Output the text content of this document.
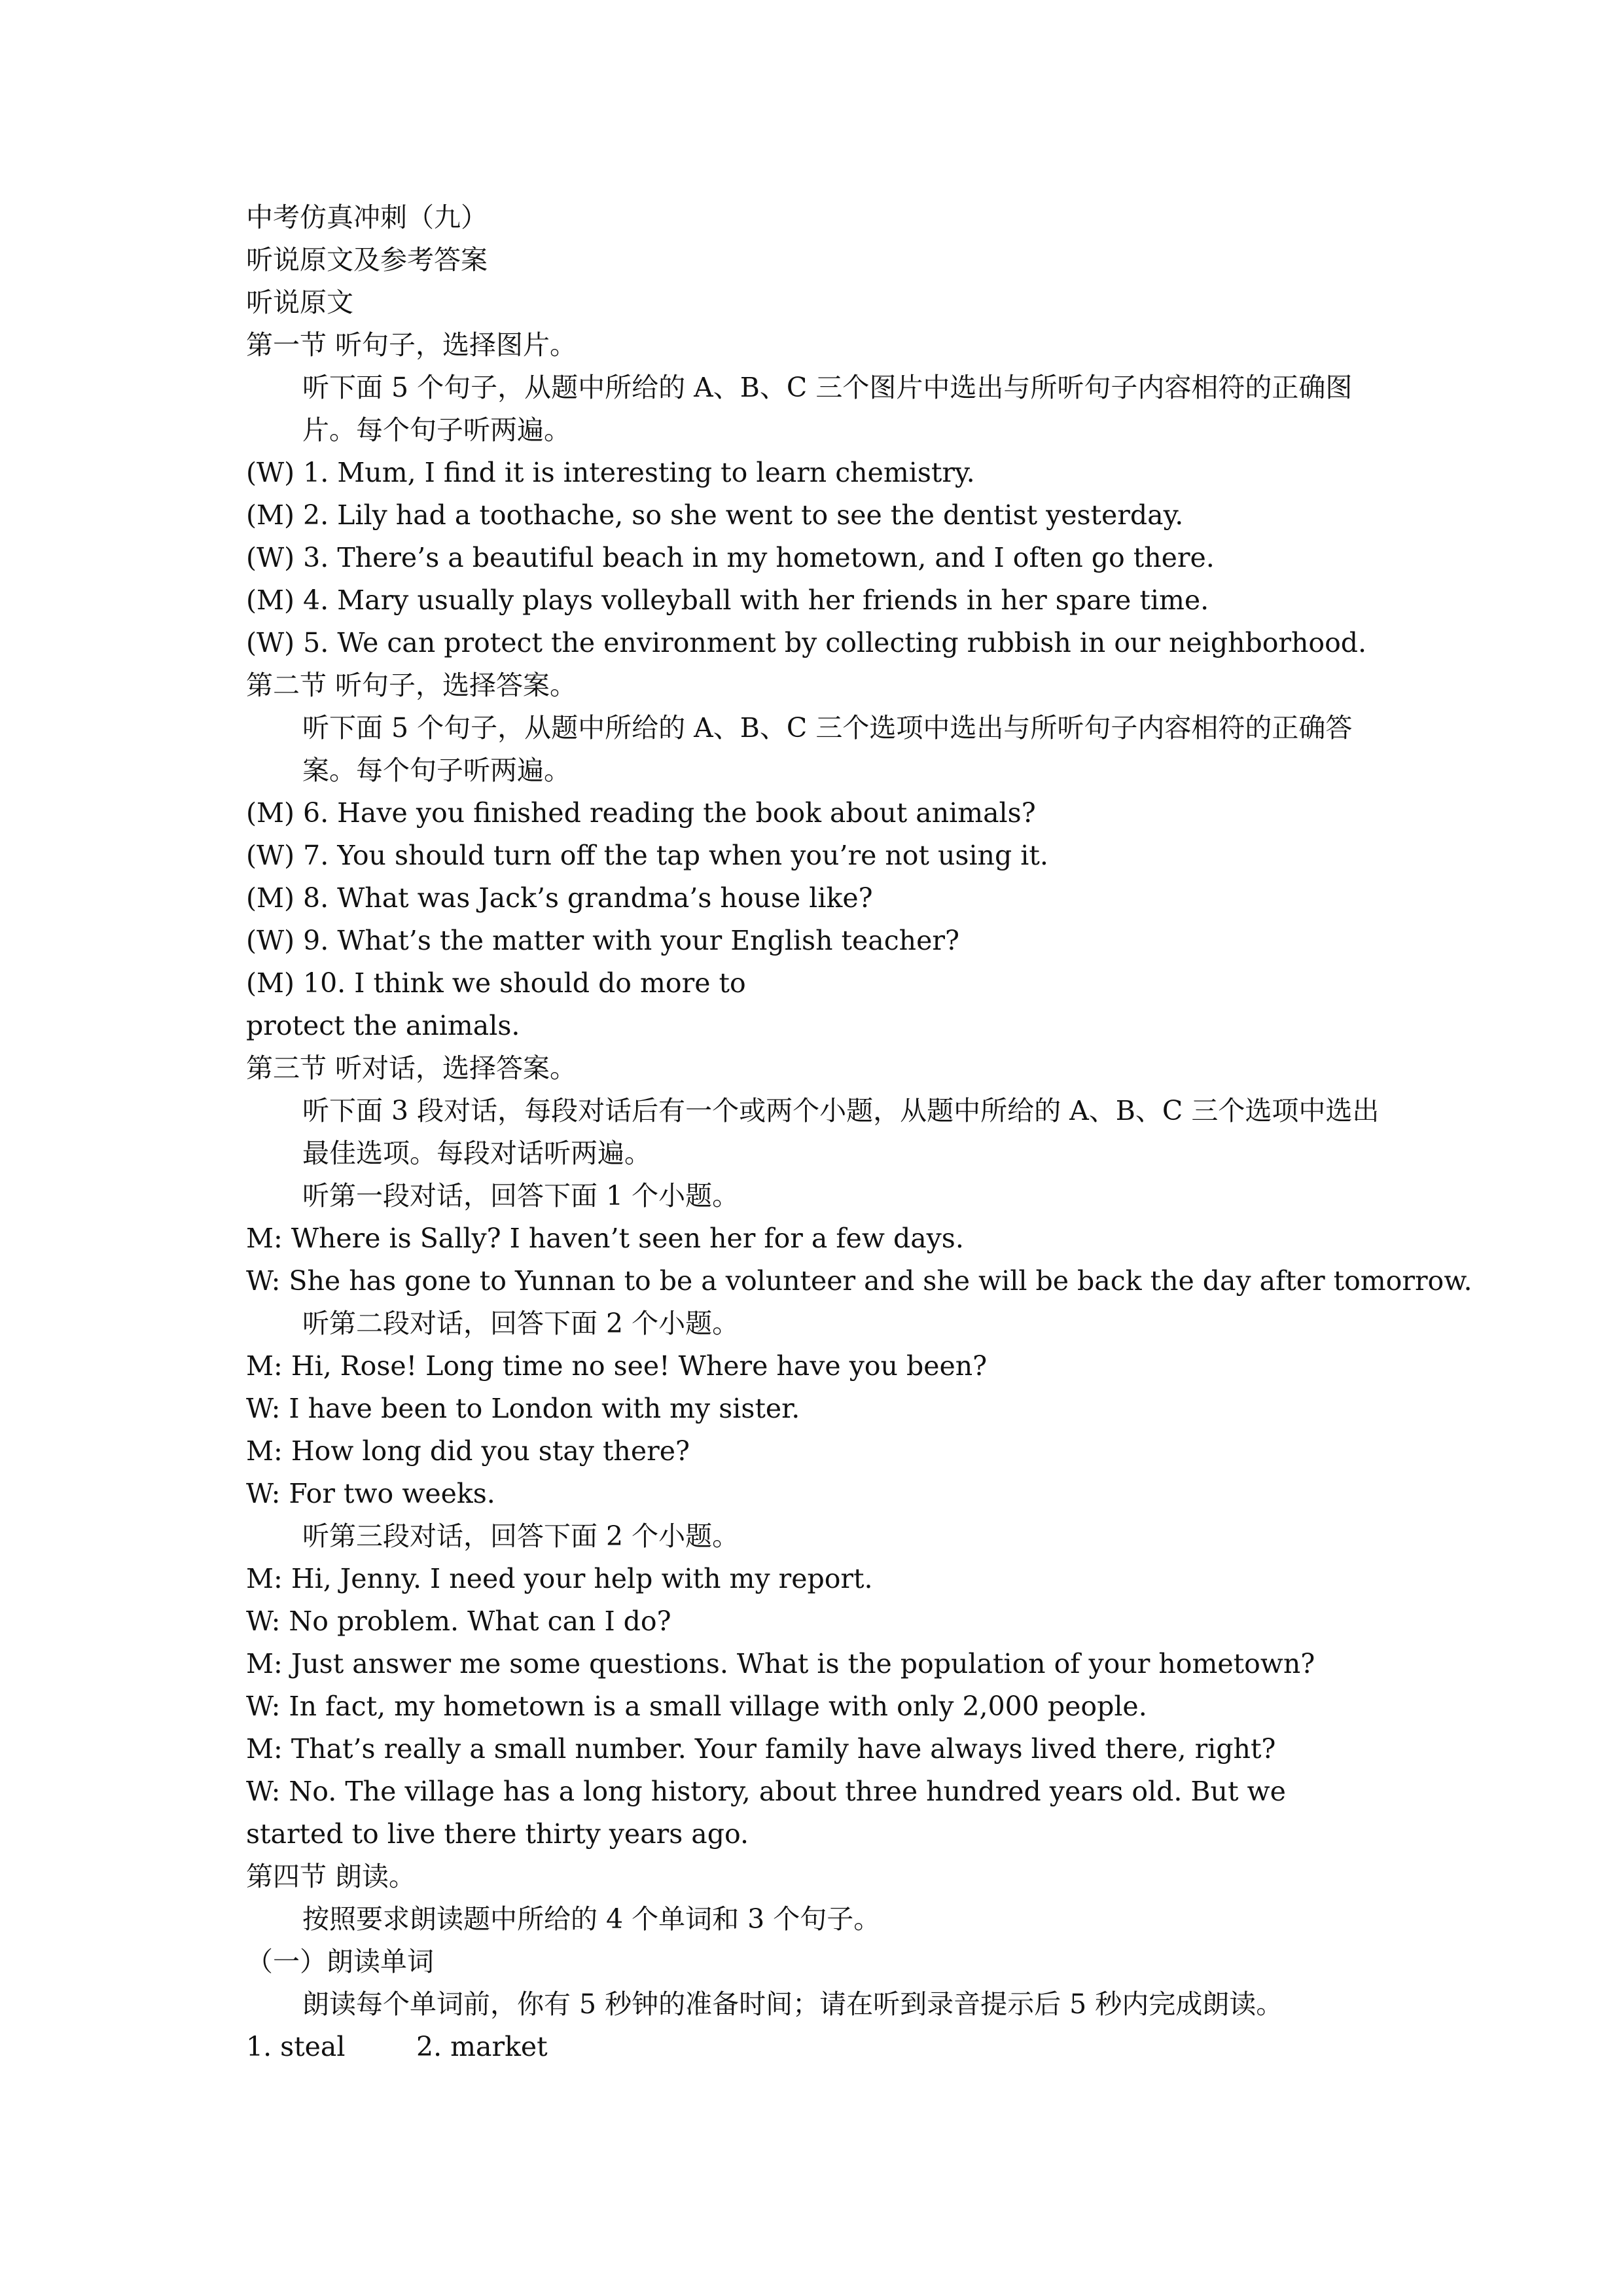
中考仿真冲刺（九）
听说原文及参考答案
听说原文
第一节 听句子，选择图片。
听下面 5 个句子，从题中所给的 A、B、C 三个图片中选出与所听句子内容相符的正确图片。每个句子听两遍。
(W) 1. Mum, I find it is interesting to learn chemistry.
(M) 2. Lily had a toothache, so she went to see the dentist yesterday.
(W) 3. There’s a beautiful beach in my hometown, and I often go there.
(M) 4. Mary usually plays volleyball with her friends in her spare time.
(W) 5. We can protect the environment by collecting rubbish in our neighborhood.
第二节 听句子，选择答案。
听下面 5 个句子，从题中所给的 A、B、C 三个选项中选出与所听句子内容相符的正确答案。每个句子听两遍。
(M) 6. Have you finished reading the book about animals?
(W) 7. You should turn off the tap when you’re not using it.
(M) 8. What was Jack’s grandma’s house like?
(W) 9. What’s the matter with your English teacher?
(M) 10. I think we should do more to
protect the animals.
第三节 听对话，选择答案。
听下面 3 段对话，每段对话后有一个或两个小题，从题中所给的 A、B、C 三个选项中选出最佳选项。每段对话听两遍。
听第一段对话，回答下面 1 个小题。
M: Where is Sally? I haven’t seen her for a few days.
W: She has gone to Yunnan to be a volunteer and she will be back the day after tomorrow.
听第二段对话，回答下面 2 个小题。
M: Hi, Rose! Long time no see! Where have you been?
W: I have been to London with my sister.
M: How long did you stay there?
W: For two weeks.
听第三段对话，回答下面 2 个小题。
M: Hi, Jenny. I need your help with my report.
W: No problem. What can I do?
M: Just answer me some questions. What is the population of your hometown?
W: In fact, my hometown is a small village with only 2,000 people.
M: That’s really a small number. Your family have always lived there, right?
W: No. The village has a long history, about three hundred years old. But we started to live there thirty years ago.
第四节 朗读。
按照要求朗读题中所给的 4 个单词和 3 个句子。
（一）朗读单词
朗读每个单词前，你有 5 秒钟的准备时间；请在听到录音提示后 5 秒内完成朗读。
1. steal	2. market
